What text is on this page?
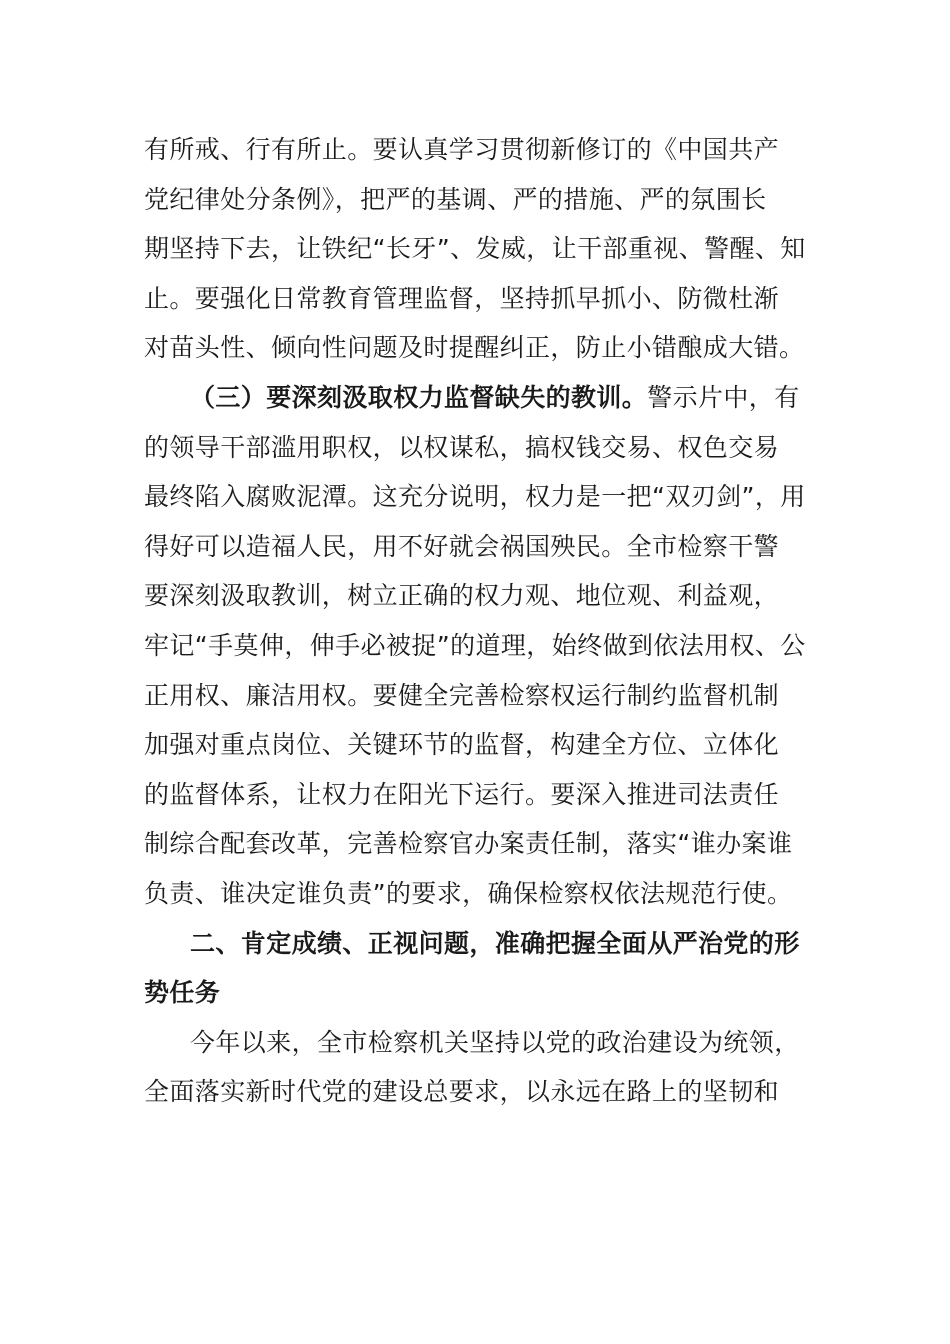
有所戒、行有所止。要认真学习贯彻新修订的《中国共产
党纪律处分条例》，把严的基调、严的措施、严的氛围长
期坚持下去，让铁纪“长牙”、发威，让干部重视、警醒、知
止。要强化日常教育管理监督，坚持抓早抓小、防微杜渐
对苗头性、倾向性问题及时提醒纠正，防止小错酿成大错。
（三）要深刻汲取权力监督缺失的教训。警示片中，有
的领导干部滥用职权，以权谋私，搞权钱交易、权色交易
最终陷入腐败泥潭。这充分说明，权力是一把“双刃剑”，用
得好可以造福人民，用不好就会祸国殃民。全市检察干警
要深刻汲取教训，树立正确的权力观、地位观、利益观，
牢记“手莫伸，伸手必被捉”的道理，始终做到依法用权、公
正用权、廉洁用权。要健全完善检察权运行制约监督机制
加强对重点岗位、关键环节的监督，构建全方位、立体化
的监督体系，让权力在阳光下运行。要深入推进司法责任
制综合配套改革，完善检察官办案责任制，落实“谁办案谁
负责、谁决定谁负责”的要求，确保检察权依法规范行使。
二、肯定成绩、正视问题，准确把握全面从严治党的形
势任务
今年以来，全市检察机关坚持以党的政治建设为统领，
全面落实新时代党的建设总要求，以永远在路上的坚韧和
